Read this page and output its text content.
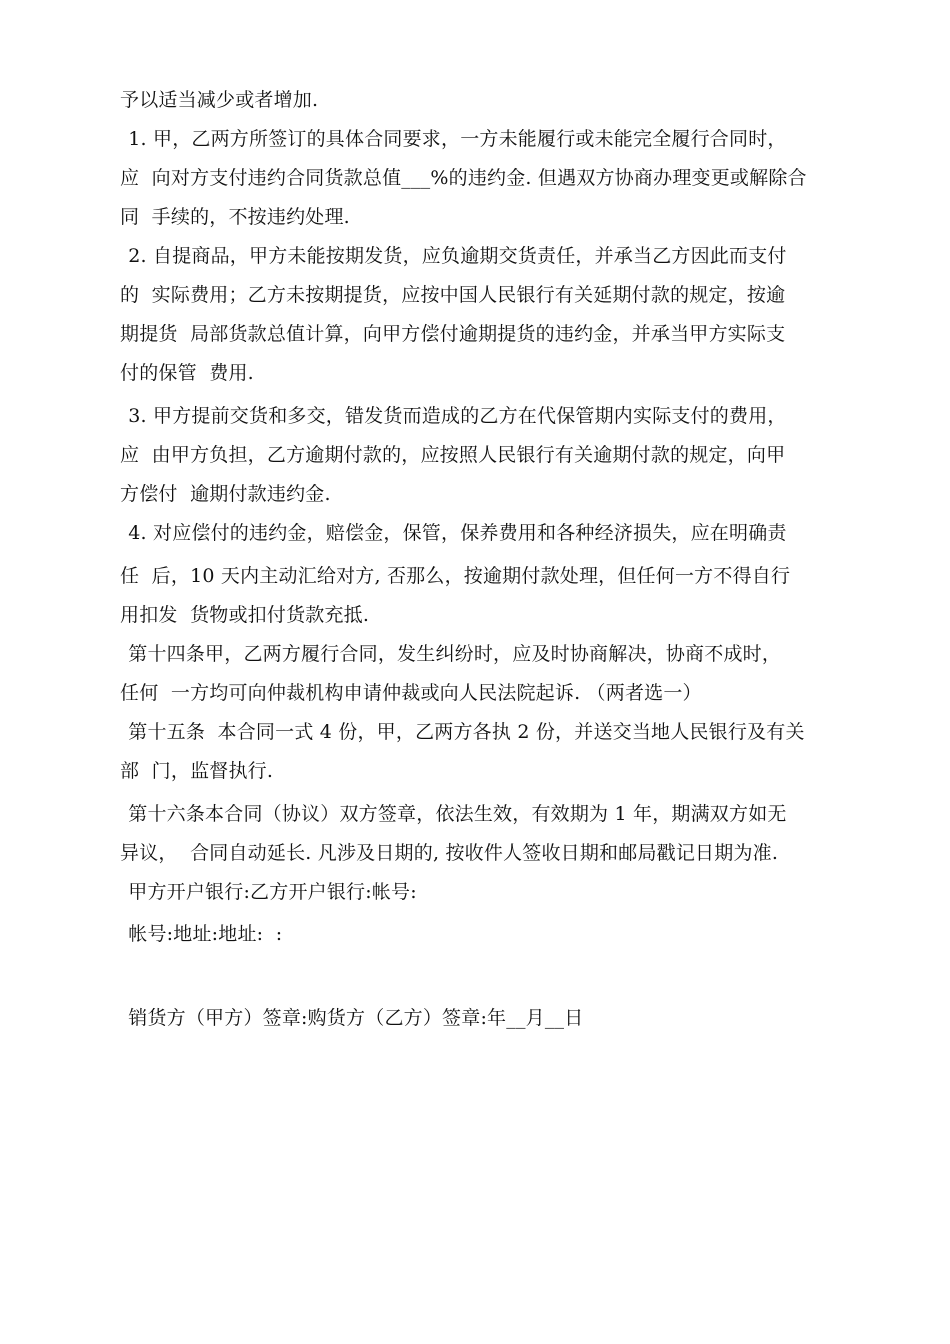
予以适当减少或者增加.
1. 甲，乙两方所签订的具体合同要求，一方未能履行或未能完全履行合同时，
应  向对方支付违约合同货款总值___%的违约金. 但遇双方协商办理变更或解除合
同  手续的，不按违约处理.
2. 自提商品，甲方未能按期发货，应负逾期交货责任，并承当乙方因此而支付
的  实际费用；乙方未按期提货，应按中国人民银行有关延期付款的规定，按逾
期提货  局部货款总值计算，向甲方偿付逾期提货的违约金，并承当甲方实际支
付的保管  费用.
3. 甲方提前交货和多交，错发货而造成的乙方在代保管期内实际支付的费用，
应  由甲方负担，乙方逾期付款的，应按照人民银行有关逾期付款的规定，向甲
方偿付  逾期付款违约金.
4. 对应偿付的违约金，赔偿金，保管，保养费用和各种经济损失，应在明确责
任  后，10 天内主动汇给对方, 否那么，按逾期付款处理，但任何一方不得自行
用扣发  货物或扣付货款充抵.
第十四条甲，乙两方履行合同，发生纠纷时，应及时协商解决，协商不成时，
任何  一方均可向仲裁机构申请仲裁或向人民法院起诉. （两者选一）
第十五条  本合同一式 4 份，甲，乙两方各执 2 份，并送交当地人民银行及有关
部  门，监督执行.
第十六条本合同（协议）双方签章，依法生效，有效期为 1 年，期满双方如无
异议，  合同自动延长. 凡涉及日期的, 按收件人签收日期和邮局戳记日期为准.
甲方开户银行:乙方开户银行:帐号:
帐号:地址:地址:  :
销货方（甲方）签章:购货方（乙方）签章:年__月__日
